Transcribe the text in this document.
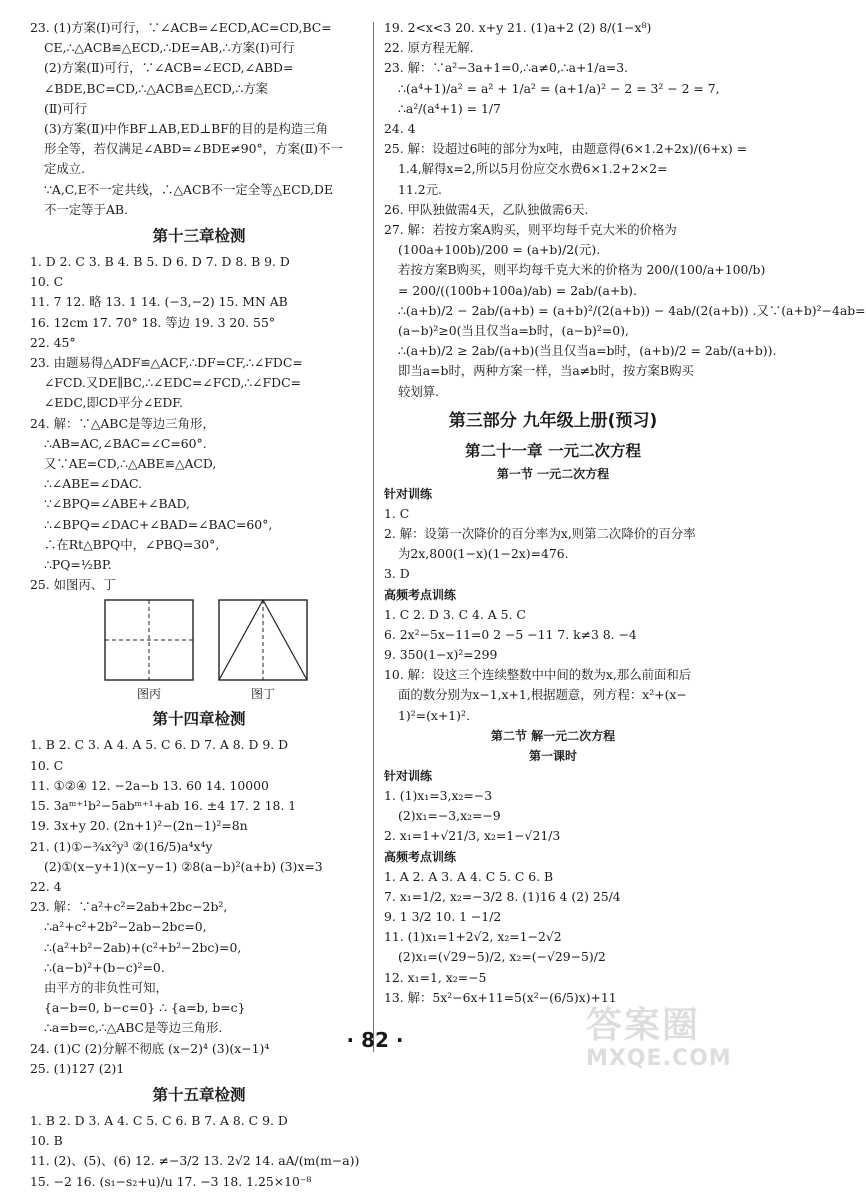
23. (1)方案(Ⅰ)可行，∵∠ACB=∠ECD,AC=CD,BC=
CE,∴△ACB≌△ECD,∴DE=AB,∴方案(Ⅰ)可行
(2)方案(Ⅱ)可行，∵∠ACB=∠ECD,∠ABD=
∠BDE,BC=CD,∴△ACB≌△ECD,∴方案
(Ⅱ)可行
(3)方案(Ⅱ)中作BF⊥AB,ED⊥BF的目的是构造三角
形全等，若仅满足∠ABD=∠BDE≠90°，方案(Ⅱ)不一
定成立.
∵A,C,E不一定共线，∴△ACB不一定全等△ECD,DE
不一定等于AB.
第十三章检测
1. D 2. C 3. B 4. B 5. D 6. D 7. D 8. B 9. D
10. C
11. 7 12. 略 13. 1 14. (−3,−2) 15. MN AB
16. 12cm 17. 70° 18. 等边 19. 3 20. 55°
22. 45°
23. 由题易得△ADF≌△ACF,∴DF=CF,∴∠FDC=
∠FCD.又DE∥BC,∴∠EDC=∠FCD,∴∠FDC=
∠EDC,即CD平分∠EDF.
24. 解：∵△ABC是等边三角形，
∴AB=AC,∠BAC=∠C=60°.
又∵AE=CD,∴△ABE≌△ACD,
∴∠ABE=∠DAC.
∵∠BPQ=∠ABE+∠BAD,
∴∠BPQ=∠DAC+∠BAD=∠BAC=60°,
∴在Rt△BPQ中，∠PBQ=30°,
∴PQ=½BP.
25. 如图丙、丁
图丙	图丁
第十四章检测
1. B 2. C 3. A 4. A 5. C 6. D 7. A 8. D 9. D
10. C
11. ①②④ 12. −2a−b 13. 60 14. 10000
15. 3aᵐ⁺¹b²−5abᵐ⁺¹+ab 16. ±4 17. 2 18. 1
19. 3x+y 20. (2n+1)²−(2n−1)²=8n
21. (1)①−¾x²y³ ②(16/5)a⁴x⁴y
(2)①(x−y+1)(x−y−1) ②8(a−b)²(a+b) (3)x=3
22. 4
23. 解：∵a²+c²=2ab+2bc−2b²,
∴a²+c²+2b²−2ab−2bc=0,
∴(a²+b²−2ab)+(c²+b²−2bc)=0,
∴(a−b)²+(b−c)²=0.
由平方的非负性可知，
{a−b=0, b−c=0} ∴ {a=b, b=c}
∴a=b=c,∴△ABC是等边三角形.
24. (1)C (2)分解不彻底 (x−2)⁴ (3)(x−1)⁴
25. (1)127 (2)1
第十五章检测
1. B 2. D 3. A 4. C 5. C 6. B 7. A 8. C 9. D
10. B
11. (2)、(5)、(6) 12. ≠−3/2 13. 2√2 14. aA/(m(m−a))
15. −2 16. (s₁−s₂+u)/u 17. −3 18. 1.25×10⁻⁸
19. 2<x<3 20. x+y 21. (1)a+2 (2) 8/(1−x⁸)
22. 原方程无解.
23. 解：∵a²−3a+1=0,∴a≠0,∴a+1/a=3.
∴(a⁴+1)/a² = a² + 1/a² = (a+1/a)² − 2 = 3² − 2 = 7,
∴a²/(a⁴+1) = 1/7
24. 4
25. 解：设超过6吨的部分为x吨，由题意得(6×1.2+2x)/(6+x) =
1.4,解得x=2,所以5月份应交水费6×1.2+2×2=
11.2元.
26. 甲队独做需4天，乙队独做需6天.
27. 解：若按方案A购买，则平均每千克大米的价格为
(100a+100b)/200 = (a+b)/2(元).
若按方案B购买，则平均每千克大米的价格为 200/(100/a+100/b)
= 200/((100b+100a)/ab) = 2ab/(a+b).
∴(a+b)/2 − 2ab/(a+b) = (a+b)²/(2(a+b)) − 4ab/(2(a+b)) .又∵(a+b)²−4ab=
(a−b)²≥0(当且仅当a=b时，(a−b)²=0),
∴(a+b)/2 ≥ 2ab/(a+b)(当且仅当a=b时，(a+b)/2 = 2ab/(a+b)).
即当a=b时，两种方案一样，当a≠b时，按方案B购买
较划算.
第三部分 九年级上册(预习)
第二十一章 一元二次方程
第一节 一元二次方程
针对训练
1. C
2. 解：设第一次降价的百分率为x,则第二次降价的百分率
为2x,800(1−x)(1−2x)=476.
3. D
高频考点训练
1. C 2. D 3. C 4. A 5. C
6. 2x²−5x−11=0 2 −5 −11 7. k≠3 8. −4
9. 350(1−x)²=299
10. 解：设这三个连续整数中中间的数为x,那么前面和后
面的数分别为x−1,x+1,根据题意，列方程：x²+(x−
1)²=(x+1)².
第二节 解一元二次方程
第一课时
针对训练
1. (1)x₁=3,x₂=−3
(2)x₁=−3,x₂=−9
2. x₁=1+√21/3, x₂=1−√21/3
高频考点训练
1. A 2. A 3. A 4. C 5. C 6. B
7. x₁=1/2, x₂=−3/2 8. (1)16 4 (2) 25/4
9. 1 3/2 10. 1 −1/2
11. (1)x₁=1+2√2, x₂=1−2√2
(2)x₁=(√29−5)/2, x₂=(−√29−5)/2
12. x₁=1, x₂=−5
13. 解：5x²−6x+11=5(x²−(6/5)x)+11
· 82 ·	答案圈
MXQE.COM
